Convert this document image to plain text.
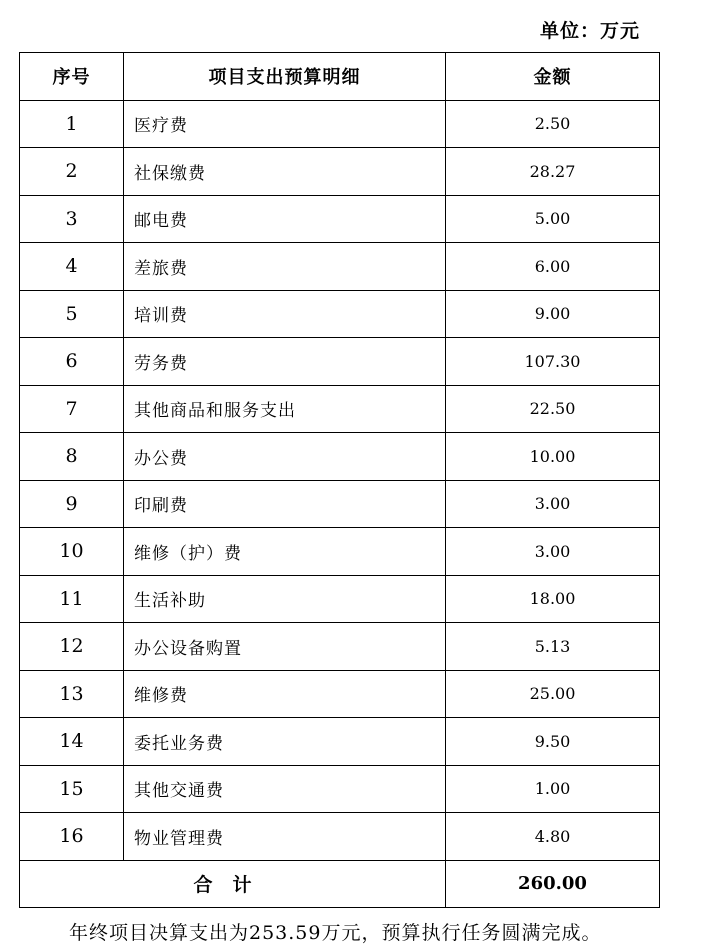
单位：万元
序号	项目支出预算明细	金额
1	医疗费	2.50
2	社保缴费	28.27
3	邮电费	5.00
4	差旅费	6.00
5	培训费	9.00
6	劳务费	107.30
7	其他商品和服务支出	22.50
8	办公费	10.00
9	印刷费	3.00
10	维修（护）费	3.00
11	生活补助	18.00
12	办公设备购置	5.13
13	维修费	25.00
14	委托业务费	9.50
15	其他交通费	1.00
16	物业管理费	4.80
合计		260.00
年终项目决算支出为253.59万元，预算执行任务圆满完成。
